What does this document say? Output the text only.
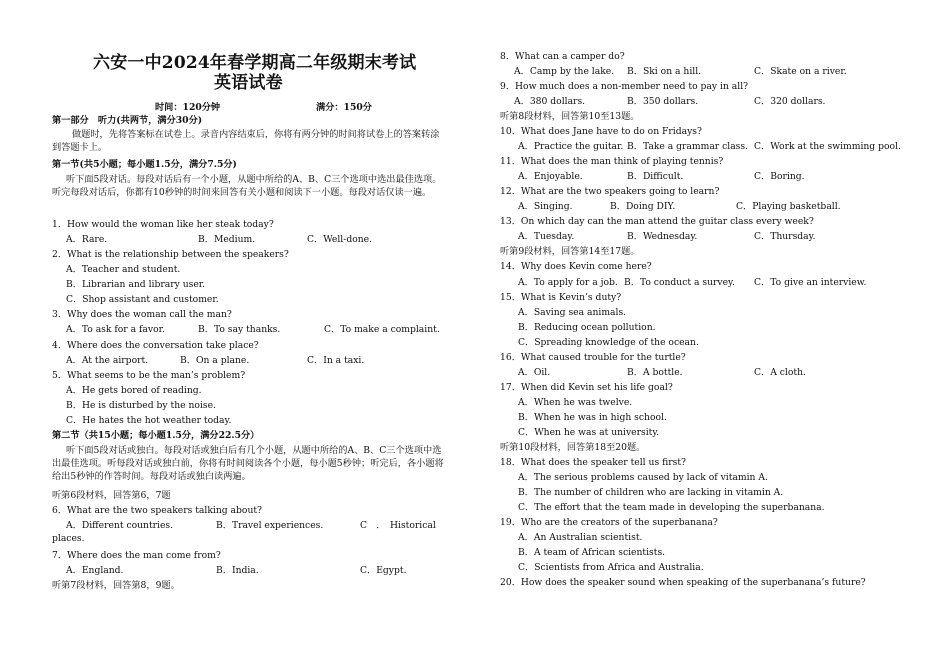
六安一中2024年春学期高二年级期末考试
英语试卷
时间：120分钟	满分：150分
第一部分　听力(共两节，满分30分)
做题时，先将答案标在试卷上。录音内容结束后，你将有两分钟的时间将试卷上的答案转涂到答题卡上。
第一节(共5小题；每小题1.5分，满分7.5分)
听下面5段对话。每段对话后有一个小题，从题中所给的A、B、C三个选项中选出最佳选项。听完每段对话后，你都有10秒钟的时间来回答有关小题和阅读下一小题。每段对话仅读一遍。
1．How would the woman like her steak today?
A．Rare.	B．Medium.	C．Well-done.
2．What is the relationship between the speakers?
A．Teacher and student.
B．Librarian and library user.
C．Shop assistant and customer.
3．Why does the woman call the man?
A．To ask for a favor.	B．To say thanks.	C．To make a complaint.
4．Where does the conversation take place?
A．At the airport.	B．On a plane.	C．In a taxi.
5．What seems to be the man’s problem?
A．He gets bored of reading.
B．He is disturbed by the noise.
C．He hates the hot weather today.
第二节（共15小题；每小题1.5分，满分22.5分）
听下面5段对话或独白。每段对话或独白后有几个小题，从题中所给的A、B、C三个选项中选出最佳选项。听每段对话或独白前，你将有时间阅读各个小题，每小题5秒钟；听完后，各小题将给出5秒钟的作答时间。每段对话或独白读两遍。
听第6段材料，回答第6，7题
6．What are the two speakers talking about?
A．Different countries.	B．Travel experiences.	C　．　Historical places.
7．Where does the man come from?
A．England.	B．India.	C．Egypt.
听第7段材料，回答第8，9题。
8．What can a camper do?
A．Camp by the lake. B．Ski on a hill.	C．Skate on a river.
9．How much does a non-member need to pay in all?
A．380 dollars.	B．350 dollars.	C．320 dollars.
听第8段材料，回答第10至13题。
10．What does Jane have to do on Fridays?
A．Practice the guitar. B．Take a grammar class. C．Work at the swimming pool.
11．What does the man think of playing tennis?
A．Enjoyable.	B．Difficult.	C．Boring.
12．What are the two speakers going to learn?
A．Singing.	B．Doing DIY.	C．Playing basketball.
13．On which day can the man attend the guitar class every week?
A．Tuesday.	B．Wednesday.	C．Thursday.
听第9段材料，回答第14至17题。
14．Why does Kevin come here?
A．To apply for a job. B．To conduct a survey. C．To give an interview.
15．What is Kevin’s duty?
A．Saving sea animals.
B．Reducing ocean pollution.
C．Spreading knowledge of the ocean.
16．What caused trouble for the turtle?
A．Oil.	B．A bottle.	C．A cloth.
17．When did Kevin set his life goal?
A．When he was twelve.
B．When he was in high school.
C．When he was at university.
听第10段材料，回答第18至20题。
18．What does the speaker tell us first?
A．The serious problems caused by lack of vitamin A.
B．The number of children who are lacking in vitamin A.
C．The effort that the team made in developing the superbanana.
19．Who are the creators of the superbanana?
A．An Australian scientist.
B．A team of African scientists.
C．Scientists from Africa and Australia.
20．How does the speaker sound when speaking of the superbanana’s future?
